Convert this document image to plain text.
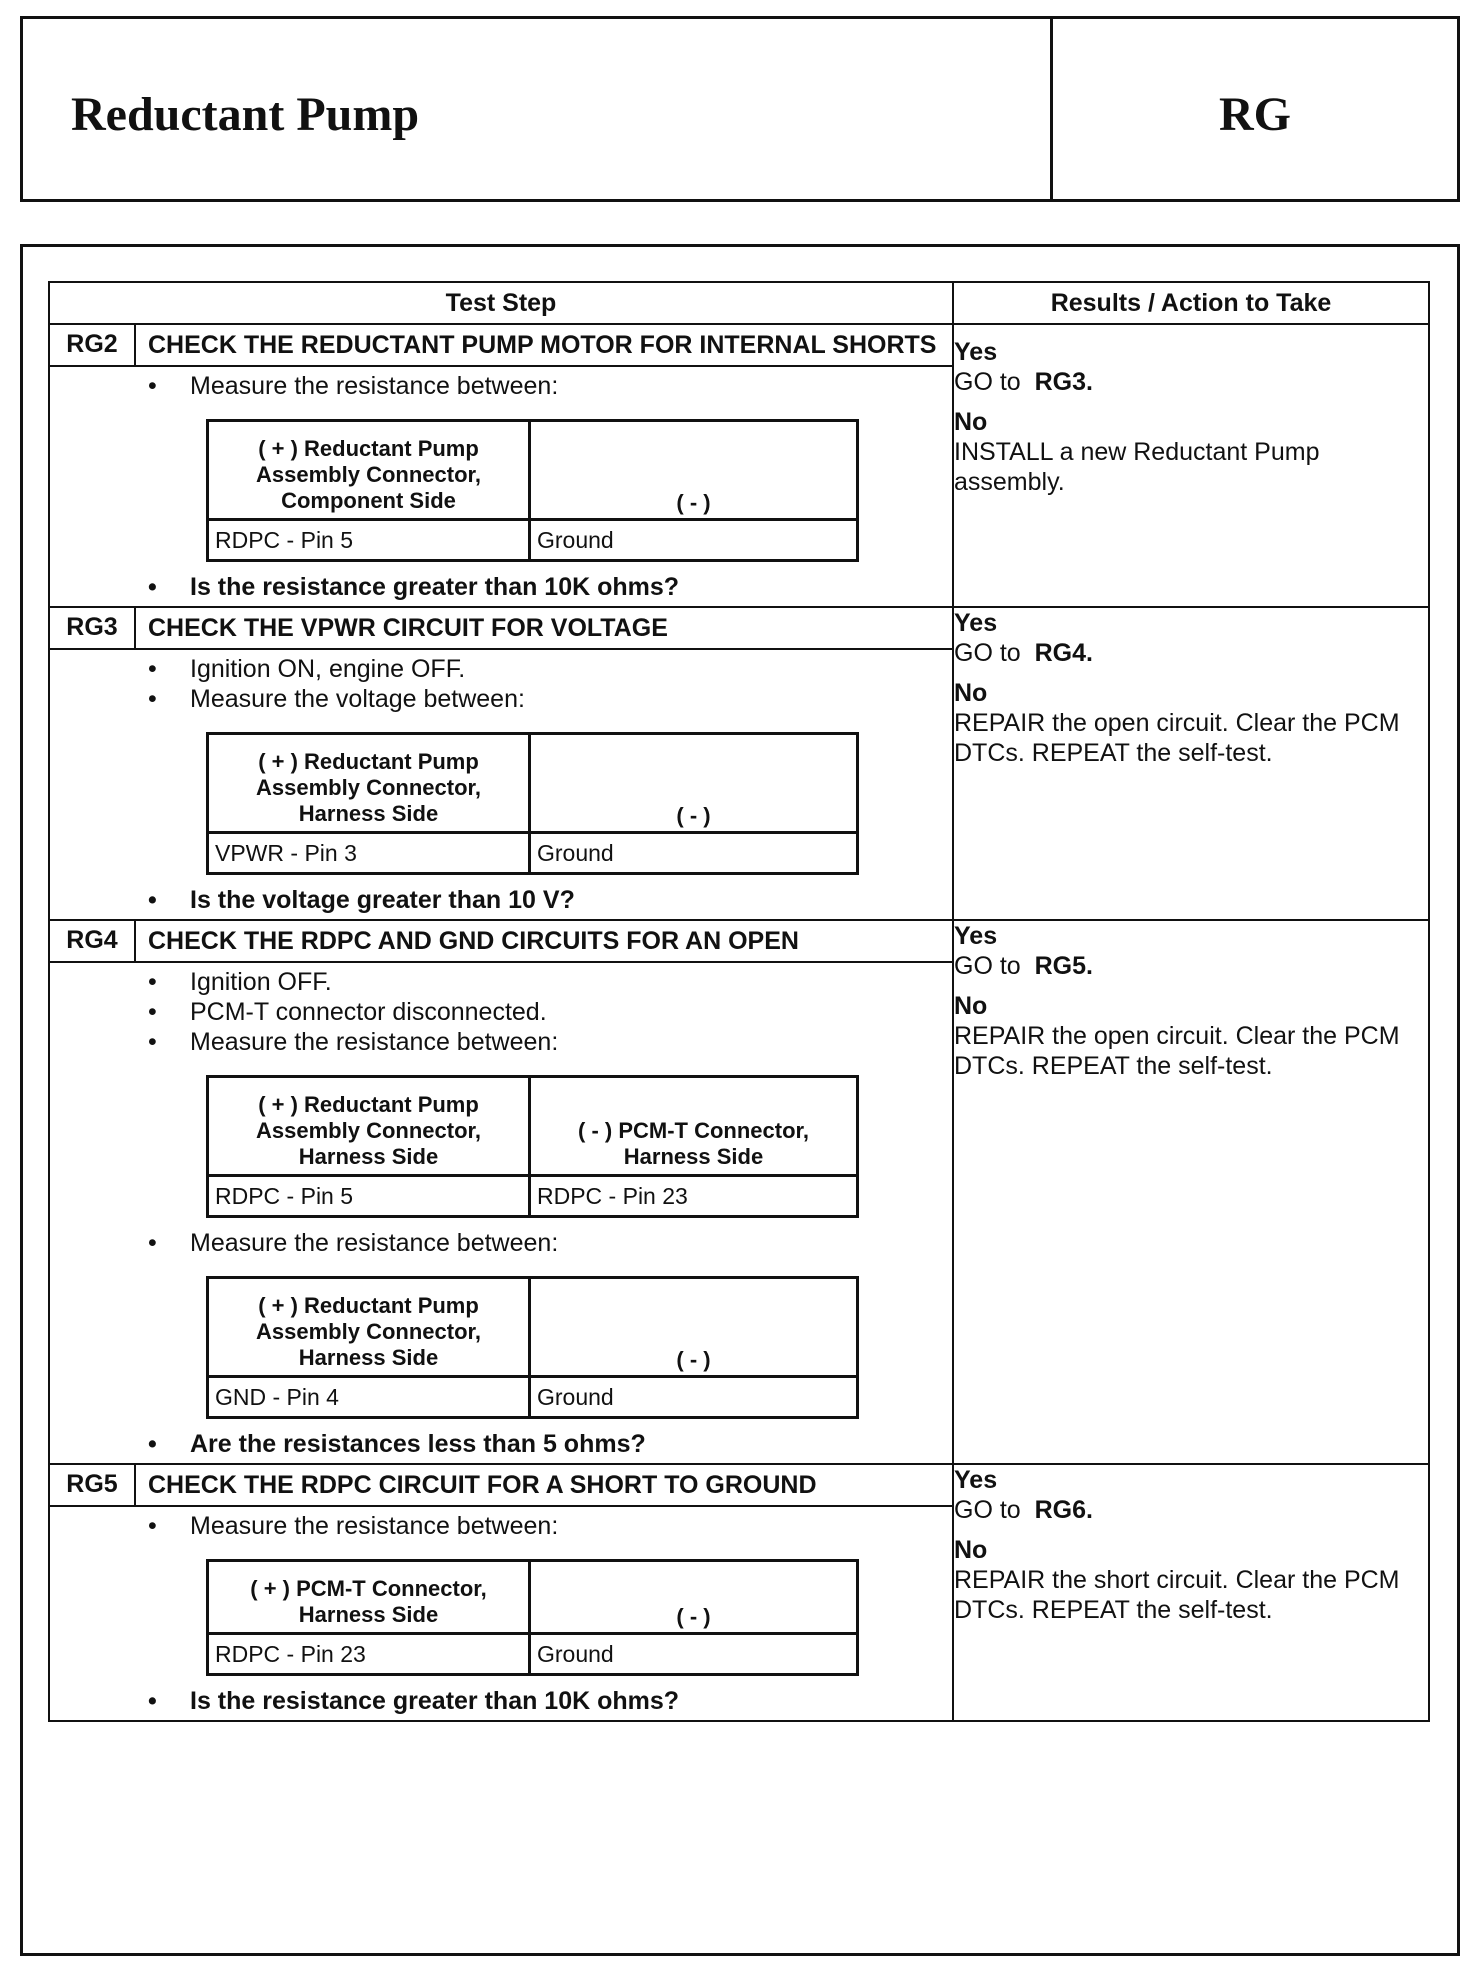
Reductant Pump	RG
Test Step	Results / Action to Take

RG2	CHECK THE REDUCTANT PUMP MOTOR FOR INTERNAL SHORTS
•	Measure the resistance between:
( + ) Reductant Pump Assembly Connector, Component Side	( - )
RDPC - Pin 5	Ground
•	Is the resistance greater than 10K ohms?

Yes
GO to RG3.
No
INSTALL a new Reductant Pump assembly.

RG3	CHECK THE VPWR CIRCUIT FOR VOLTAGE
•	Ignition ON, engine OFF.
•	Measure the voltage between:
( + ) Reductant Pump Assembly Connector, Harness Side	( - )
VPWR - Pin 3	Ground
•	Is the voltage greater than 10 V?

Yes
GO to RG4.
No
REPAIR the open circuit. Clear the PCM DTCs. REPEAT the self-test.

RG4	CHECK THE RDPC AND GND CIRCUITS FOR AN OPEN
•	Ignition OFF.
•	PCM-T connector disconnected.
•	Measure the resistance between:
( + ) Reductant Pump Assembly Connector, Harness Side	( - ) PCM-T Connector, Harness Side
RDPC - Pin 5	RDPC - Pin 23
•	Measure the resistance between:
( + ) Reductant Pump Assembly Connector, Harness Side	( - )
GND - Pin 4	Ground
•	Are the resistances less than 5 ohms?

Yes
GO to RG5.
No
REPAIR the open circuit. Clear the PCM DTCs. REPEAT the self-test.

RG5	CHECK THE RDPC CIRCUIT FOR A SHORT TO GROUND
•	Measure the resistance between:
( + ) PCM-T Connector, Harness Side	( - )
RDPC - Pin 23	Ground
•	Is the resistance greater than 10K ohms?

Yes
GO to RG6.
No
REPAIR the short circuit. Clear the PCM DTCs. REPEAT the self-test.
